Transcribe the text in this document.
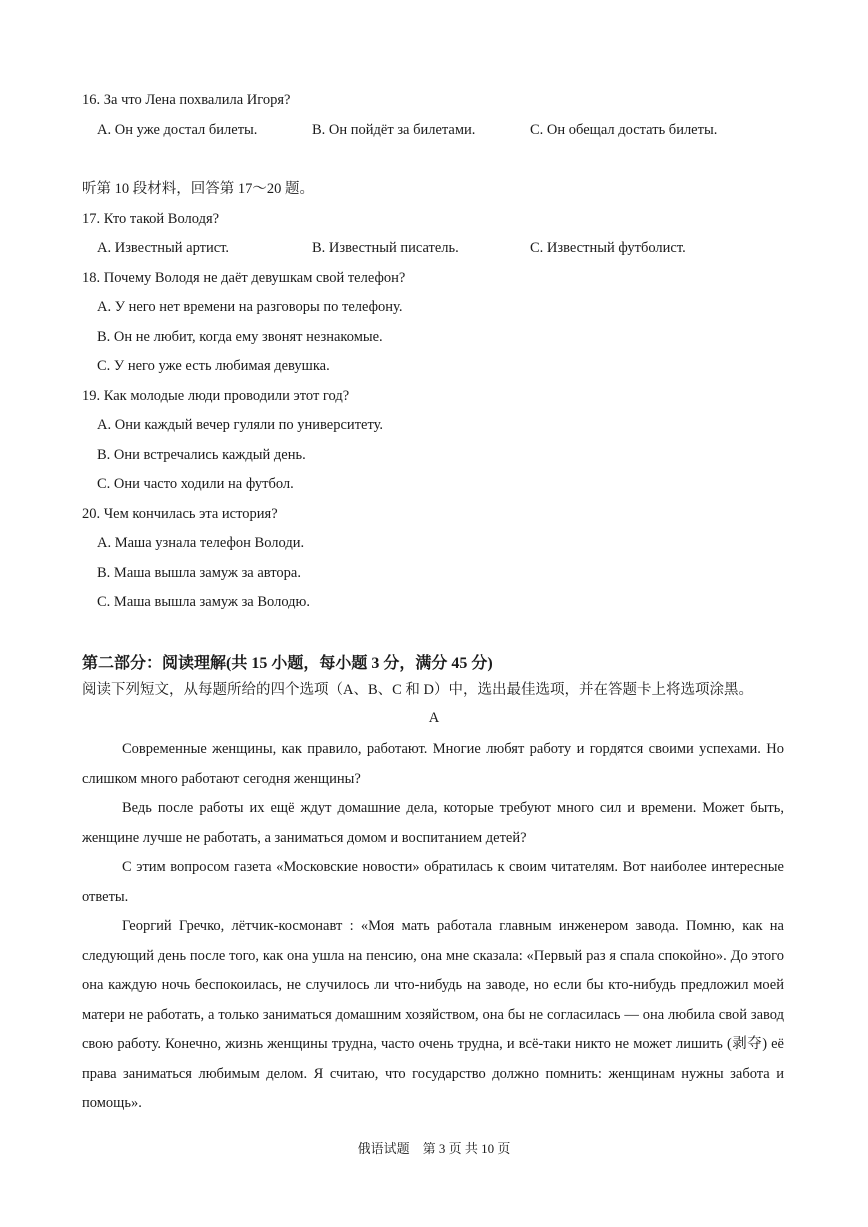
16. За что Лена похвалила Игоря?
A. Он уже достал билеты.	B. Он пойдёт за билетами.	C. Он обещал достать билеты.
听第 10 段材料，回答第 17～20 题。
17. Кто такой Володя?
A. Известный артист.	B. Известный писатель.	C. Известный футболист.
18. Почему Володя не даёт девушкам свой телефон?
A. У него нет времени на разговоры по телефону.
B. Он не любит, когда ему звонят незнакомые.
C. У него уже есть любимая девушка.
19. Как молодые люди проводили этот год?
A. Они каждый вечер гуляли по университету.
B. Они встречались каждый день.
C. Они часто ходили на футбол.
20. Чем кончилась эта история?
A. Маша узнала телефон Володи.
B. Маша вышла замуж за автора.
C. Маша вышла замуж за Володю.
第二部分：阅读理解(共 15 小题，每小题 3 分，满分 45 分)
阅读下列短文，从每题所给的四个选项（A、B、C 和 D）中，选出最佳选项，并在答题卡上将选项涂黑。
A
Современные женщины, как правило, работают. Многие любят работу и гордятся своими успехами. Но слишком много работают сегодня женщины?
Ведь после работы их ещё ждут домашние дела, которые требуют много сил и времени. Может быть, женщине лучше не работать, а заниматься домом и воспитанием детей?
С этим вопросом газета «Московские новости» обратилась к своим читателям. Вот наиболее интересные ответы.
Георгий Гречко, лётчик-космонавт : «Моя мать работала главным инженером завода. Помню, как на следующий день после того, как она ушла на пенсию, она мне сказала: «Первый раз я спала спокойно». До этого она каждую ночь беспокоилась, не случилось ли что-нибудь на заводе, но если бы кто-нибудь предложил моей матери не работать, а только заниматься домашним хозяйством, она бы не согласилась — она любила свой завод свою работу. Конечно, жизнь женщины трудна, часто очень трудна, и всё-таки никто не может лишить (剥夺) её права заниматься любимым делом. Я считаю, что государство должно помнить: женщинам нужны забота и помощь».
俄语试题　第 3 页 共 10 页
